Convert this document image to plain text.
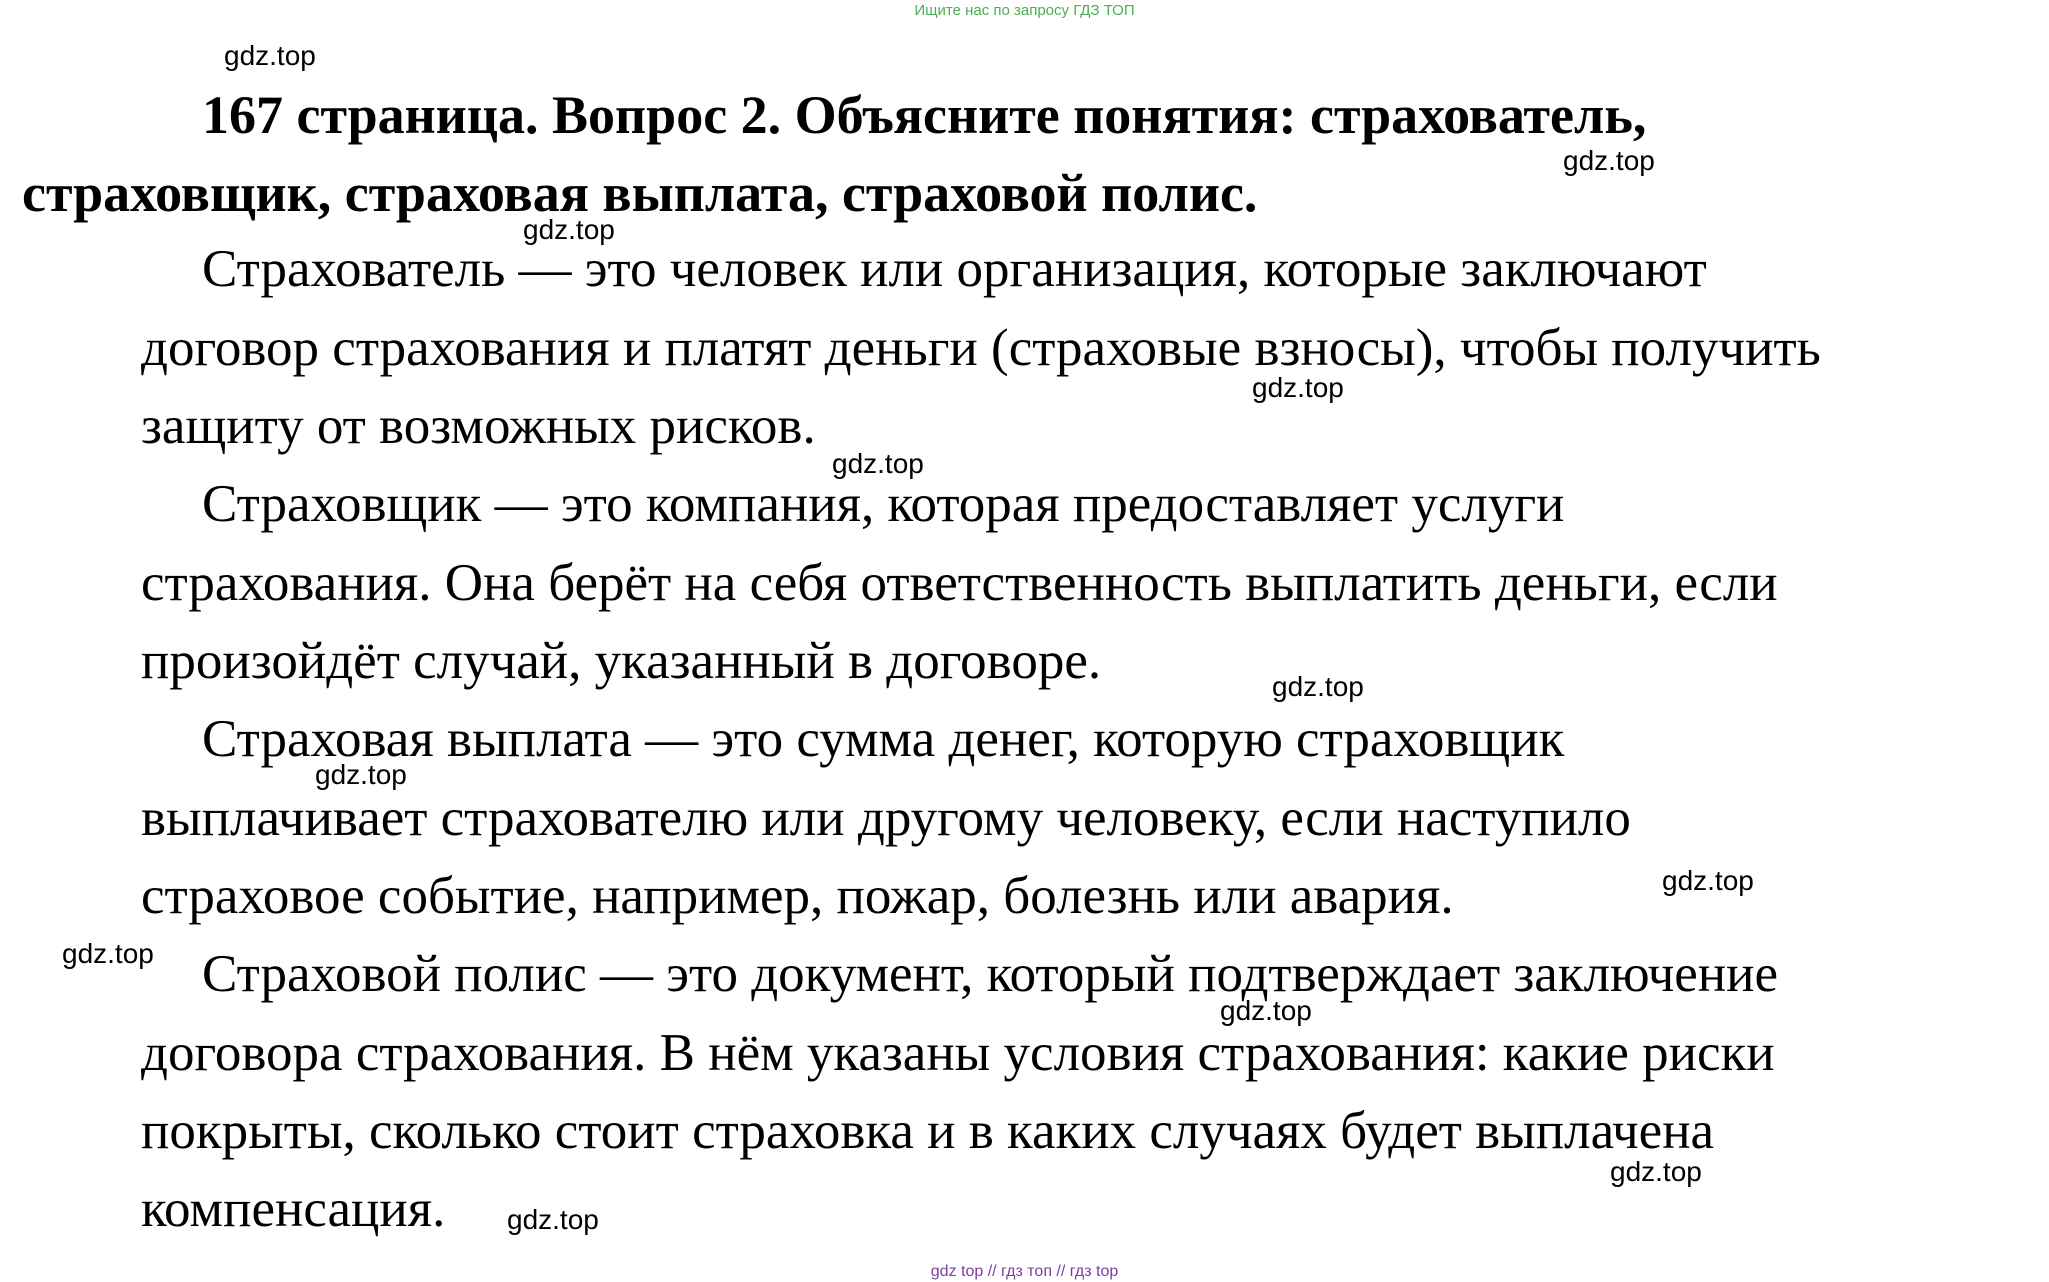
Ищите нас по запросу ГДЗ ТОП
167 страница. Вопрос 2. Объясните понятия: страхователь,
страховщик, страховая выплата, страховой полис.
Страхователь — это человек или организация, которые заключают
договор страхования и платят деньги (страховые взносы), чтобы получить
защиту от возможных рисков.
Страховщик — это компания, которая предоставляет услуги
страхования. Она берёт на себя ответственность выплатить деньги, если
произойдёт случай, указанный в договоре.
Страховая выплата — это сумма денег, которую страховщик
выплачивает страхователю или другому человеку, если наступило
страховое событие, например, пожар, болезнь или авария.
Страховой полис — это документ, который подтверждает заключение
договора страхования. В нём указаны условия страхования: какие риски
покрыты, сколько стоит страховка и в каких случаях будет выплачена
компенсация.
gdz.top
gdz.top
gdz.top
gdz.top
gdz.top
gdz.top
gdz.top
gdz.top
gdz.top
gdz.top
gdz.top
gdz.top
gdz top // гдз топ // гдз top
